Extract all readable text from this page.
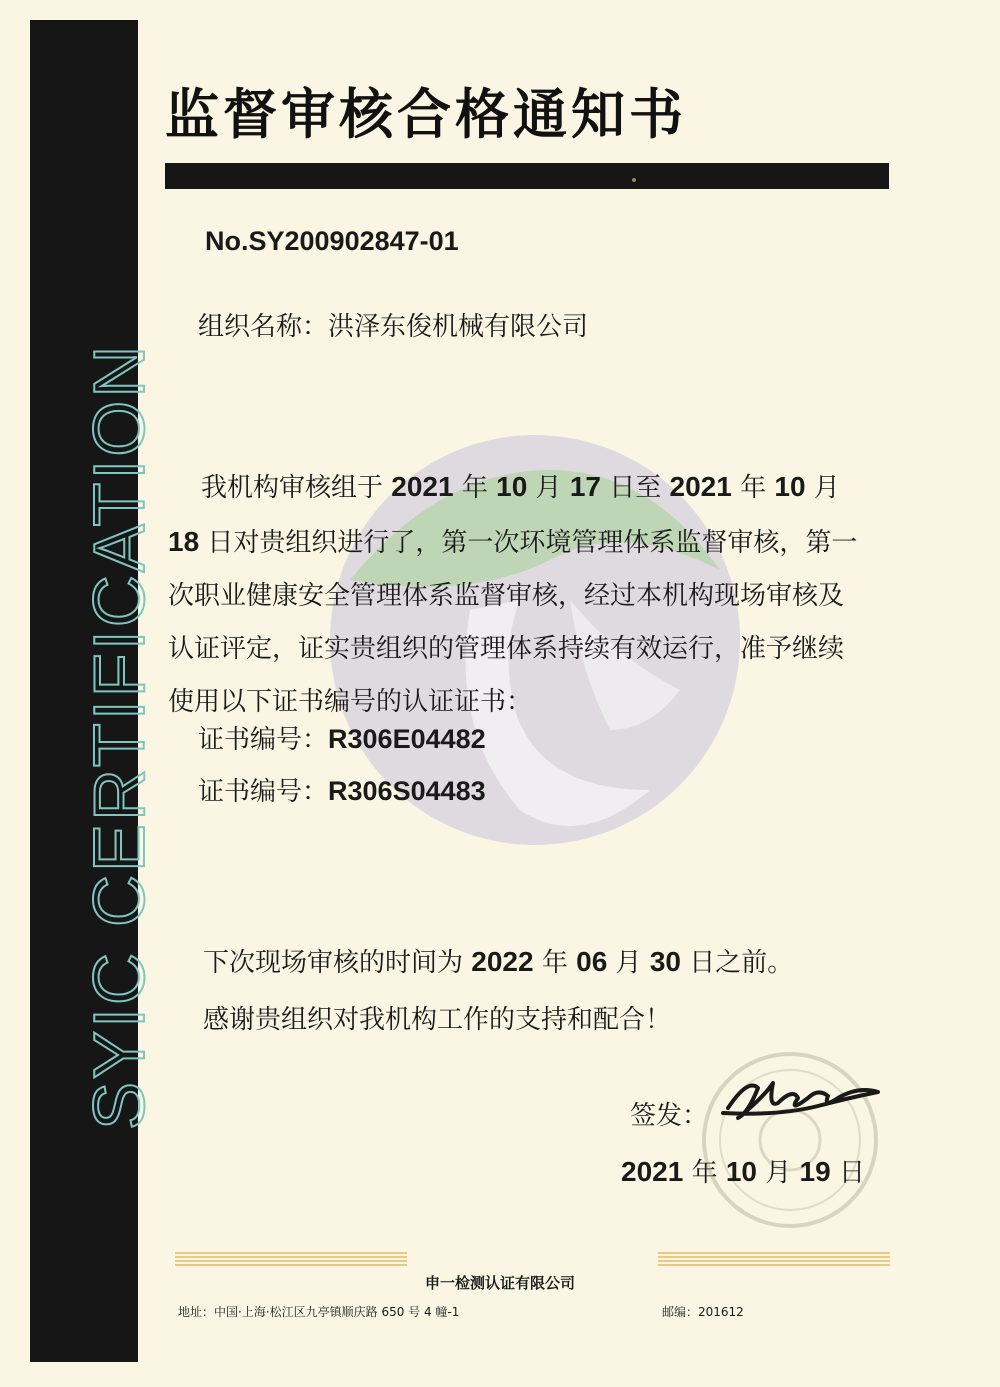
SYIC CERTIFICATION
监督审核合格通知书
No.SY200902847-01
组织名称：洪泽东俊机械有限公司
我机构审核组于 2021 年 10 月 17 日至 2021 年 10 月 18 日对贵组织进行了，第一次环境管理体系监督审核，第一次职业健康安全管理体系监督审核，经过本机构现场审核及认证评定，证实贵组织的管理体系持续有效运行，准予继续使用以下证书编号的认证证书：
证书编号：R306E04482
证书编号：R306S04483
下次现场审核的时间为 2022 年 06 月 30 日之前。
感谢贵组织对我机构工作的支持和配合！
签发：
2021 年 10 月 19 日
申一检测认证有限公司
地址：中国·上海·松江区九亭镇顺庆路 650 号 4 幢-1	邮编：201612
